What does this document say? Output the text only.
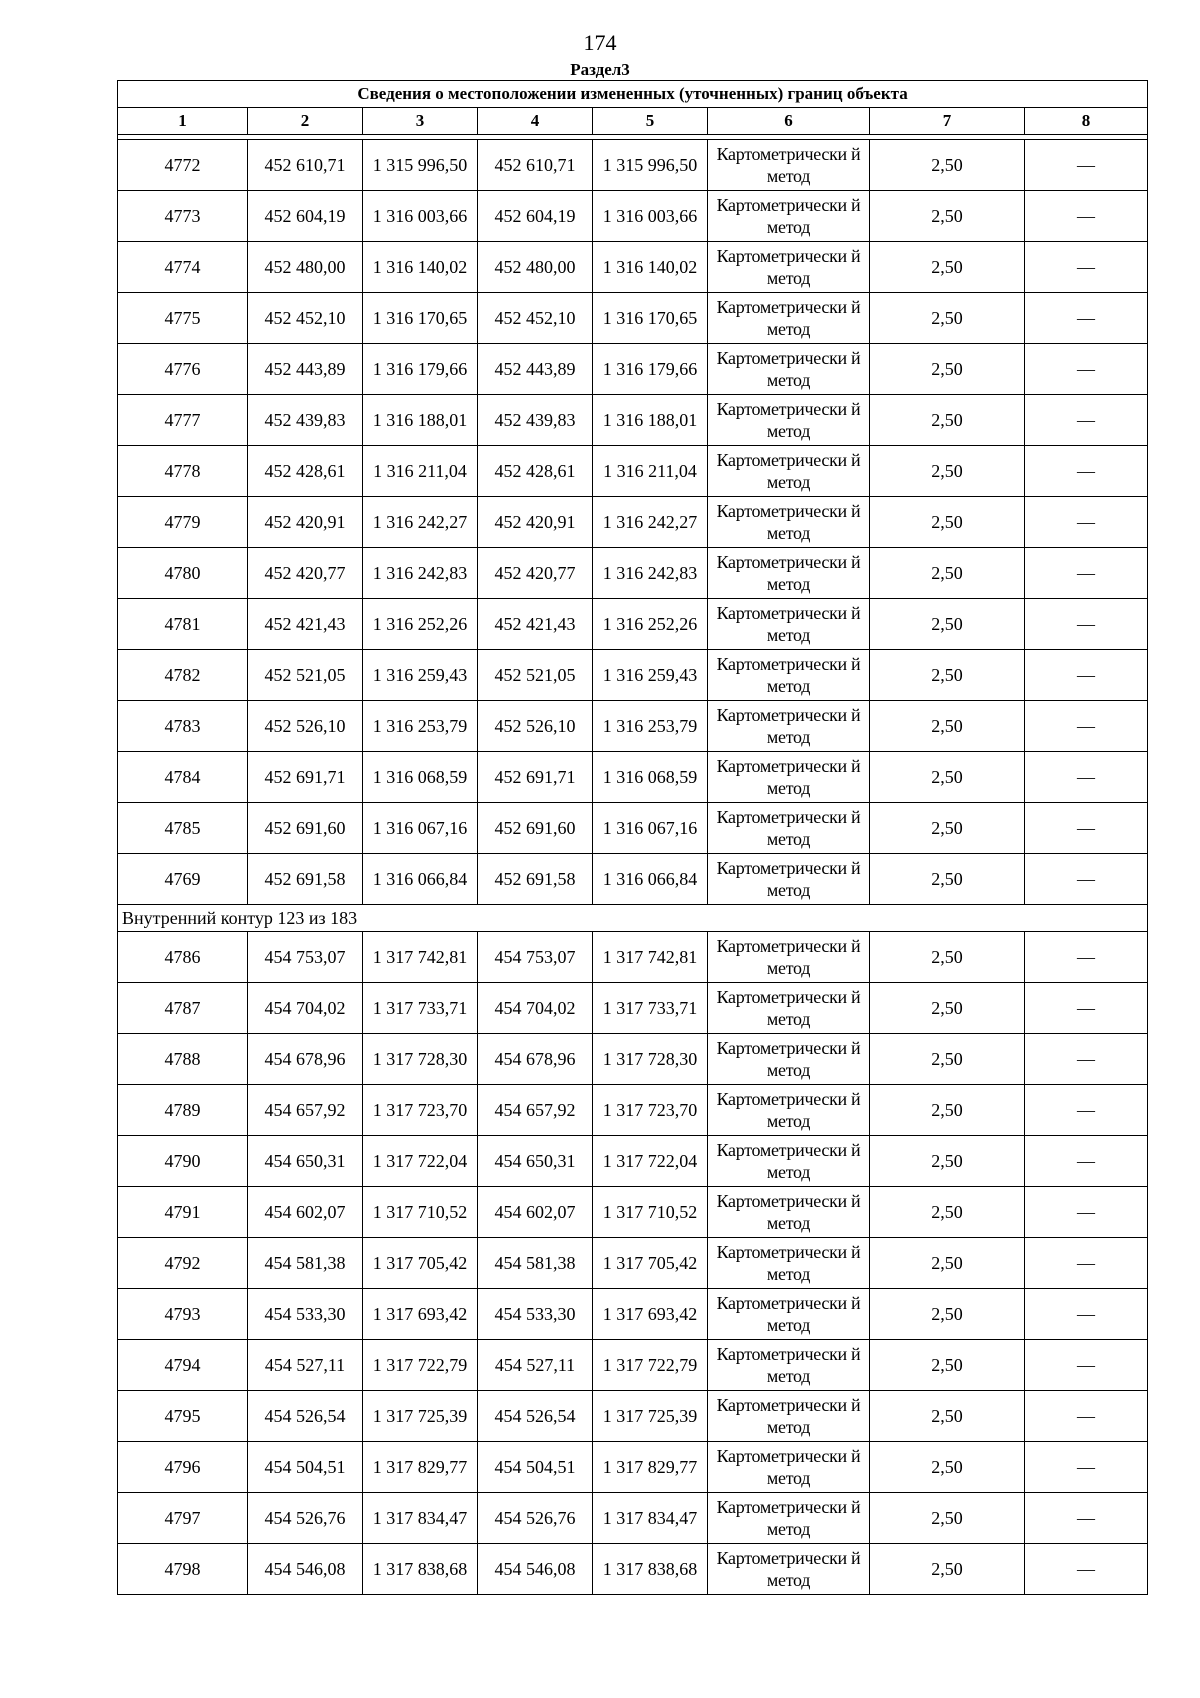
174
Раздел3
Сведения о местоположении измененных (уточненных) границ объекта							
1	2	3	4	5	6	7	8

4772	452 610,71	1 315 996,50	452 610,71	1 315 996,50	Картометрически й метод	2,50	—
4773	452 604,19	1 316 003,66	452 604,19	1 316 003,66	Картометрически й метод	2,50	—
4774	452 480,00	1 316 140,02	452 480,00	1 316 140,02	Картометрически й метод	2,50	—
4775	452 452,10	1 316 170,65	452 452,10	1 316 170,65	Картометрически й метод	2,50	—
4776	452 443,89	1 316 179,66	452 443,89	1 316 179,66	Картометрически й метод	2,50	—
4777	452 439,83	1 316 188,01	452 439,83	1 316 188,01	Картометрически й метод	2,50	—
4778	452 428,61	1 316 211,04	452 428,61	1 316 211,04	Картометрически й метод	2,50	—
4779	452 420,91	1 316 242,27	452 420,91	1 316 242,27	Картометрически й метод	2,50	—
4780	452 420,77	1 316 242,83	452 420,77	1 316 242,83	Картометрически й метод	2,50	—
4781	452 421,43	1 316 252,26	452 421,43	1 316 252,26	Картометрически й метод	2,50	—
4782	452 521,05	1 316 259,43	452 521,05	1 316 259,43	Картометрически й метод	2,50	—
4783	452 526,10	1 316 253,79	452 526,10	1 316 253,79	Картометрически й метод	2,50	—
4784	452 691,71	1 316 068,59	452 691,71	1 316 068,59	Картометрически й метод	2,50	—
4785	452 691,60	1 316 067,16	452 691,60	1 316 067,16	Картометрически й метод	2,50	—
4769	452 691,58	1 316 066,84	452 691,58	1 316 066,84	Картометрически й метод	2,50	—
Внутренний контур 123 из 183							
4786	454 753,07	1 317 742,81	454 753,07	1 317 742,81	Картометрически й метод	2,50	—
4787	454 704,02	1 317 733,71	454 704,02	1 317 733,71	Картометрически й метод	2,50	—
4788	454 678,96	1 317 728,30	454 678,96	1 317 728,30	Картометрически й метод	2,50	—
4789	454 657,92	1 317 723,70	454 657,92	1 317 723,70	Картометрически й метод	2,50	—
4790	454 650,31	1 317 722,04	454 650,31	1 317 722,04	Картометрически й метод	2,50	—
4791	454 602,07	1 317 710,52	454 602,07	1 317 710,52	Картометрически й метод	2,50	—
4792	454 581,38	1 317 705,42	454 581,38	1 317 705,42	Картометрически й метод	2,50	—
4793	454 533,30	1 317 693,42	454 533,30	1 317 693,42	Картометрически й метод	2,50	—
4794	454 527,11	1 317 722,79	454 527,11	1 317 722,79	Картометрически й метод	2,50	—
4795	454 526,54	1 317 725,39	454 526,54	1 317 725,39	Картометрически й метод	2,50	—
4796	454 504,51	1 317 829,77	454 504,51	1 317 829,77	Картометрически й метод	2,50	—
4797	454 526,76	1 317 834,47	454 526,76	1 317 834,47	Картометрически й метод	2,50	—
4798	454 546,08	1 317 838,68	454 546,08	1 317 838,68	Картометрически й метод	2,50	—
